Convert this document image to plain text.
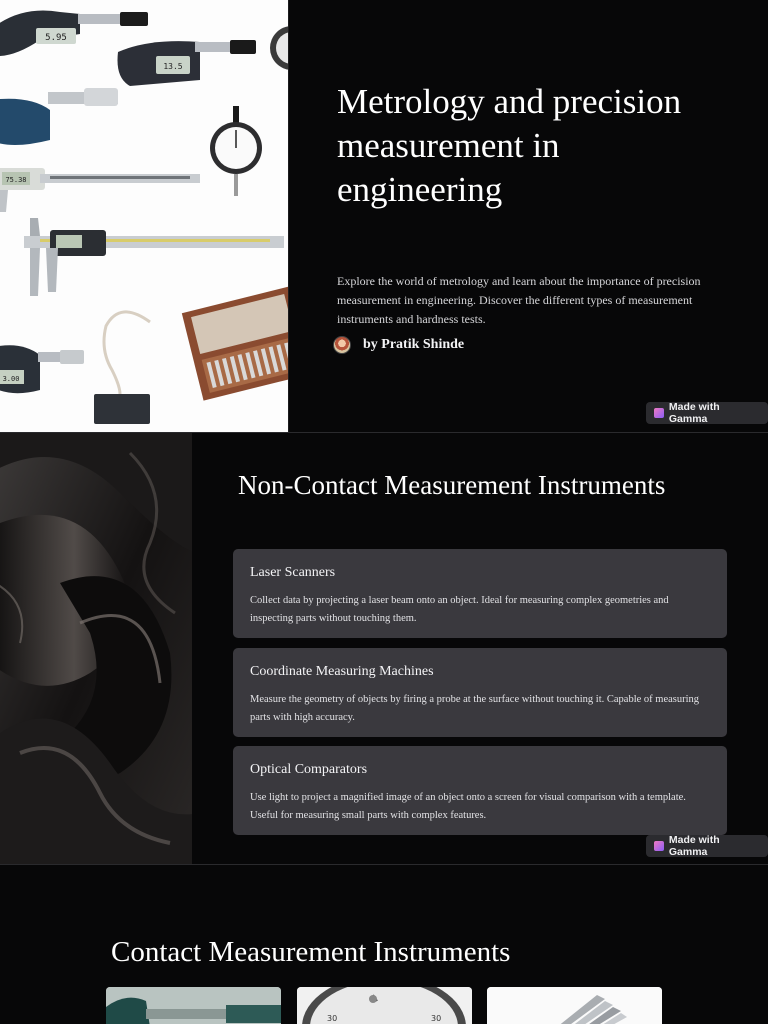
5.95
13.5
75.38
3.00
Metrology and precision measurement in engineering

Explore the world of metrology and learn about the importance of precision measurement in engineering. Discover the different types of measurement instruments and hardness tests.

by Pratik Shinde
Made with Gamma
Non-Contact Measurement Instruments
Laser Scanners
Collect data by projecting a laser beam onto an object. Ideal for measuring complex geometries and inspecting parts without touching them.
Coordinate Measuring Machines
Measure the geometry of objects by firing a probe at the surface without touching it. Capable of measuring parts with high accuracy.
Optical Comparators
Use light to project a magnified image of an object onto a screen for visual comparison with a template. Useful for measuring small parts with complex features.
Made with Gamma
Contact Measurement Instruments
30	30
